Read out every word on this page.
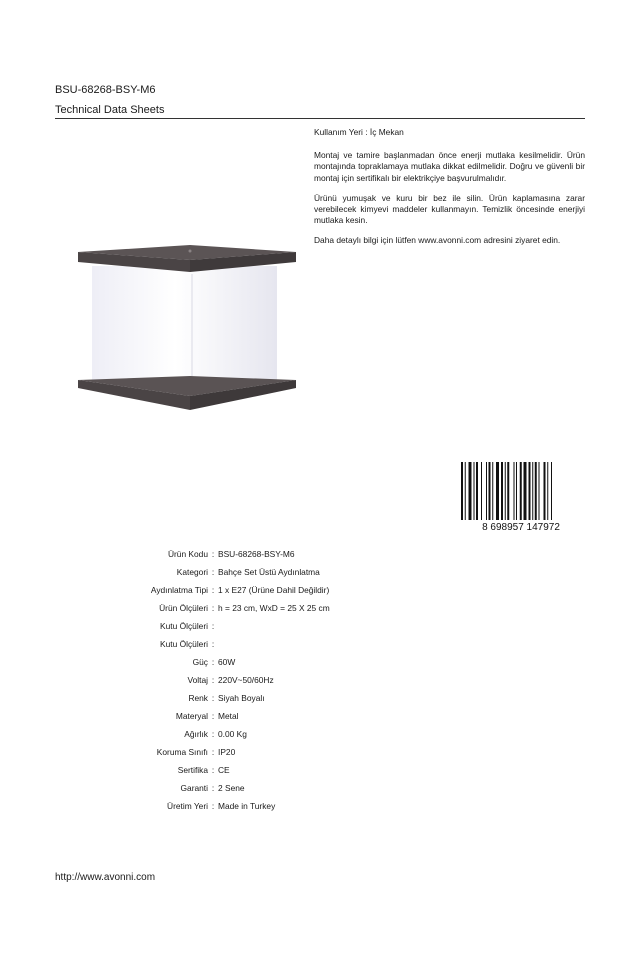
BSU-68268-BSY-M6
Technical Data Sheets

Kullanım Yeri : İç Mekan

Montaj ve tamire başlanmadan önce enerji mutlaka kesilmelidir. Ürün montajında topraklamaya mutlaka dikkat edilmelidir. Doğru ve güvenli bir montaj için sertifikalı bir elektrikçiye başvurulmalıdır.

Ürünü yumuşak ve kuru bir bez ile silin. Ürün kaplamasına zarar verebilecek kimyevi maddeler kullanmayın. Temizlik öncesinde enerjiyi mutlaka kesin.

Daha detaylı bilgi için lütfen www.avonni.com adresini ziyaret edin.

8 698957 147972
Ürün Kodu : BSU-68268-BSY-M6
Kategori : Bahçe Set Üstü Aydınlatma
Aydınlatma Tipi : 1 x E27 (Ürüne Dahil Değildir)
Ürün Ölçüleri : h = 23 cm, WxD = 25 X 25 cm
Kutu Ölçüleri :
Kutu Ölçüleri :
Güç : 60W
Voltaj : 220V~50/60Hz
Renk : Siyah Boyalı
Materyal : Metal
Ağırlık : 0.00 Kg
Koruma Sınıfı : IP20
Sertifika : CE
Garanti : 2 Sene
Üretim Yeri : Made in Turkey
http://www.avonni.com
